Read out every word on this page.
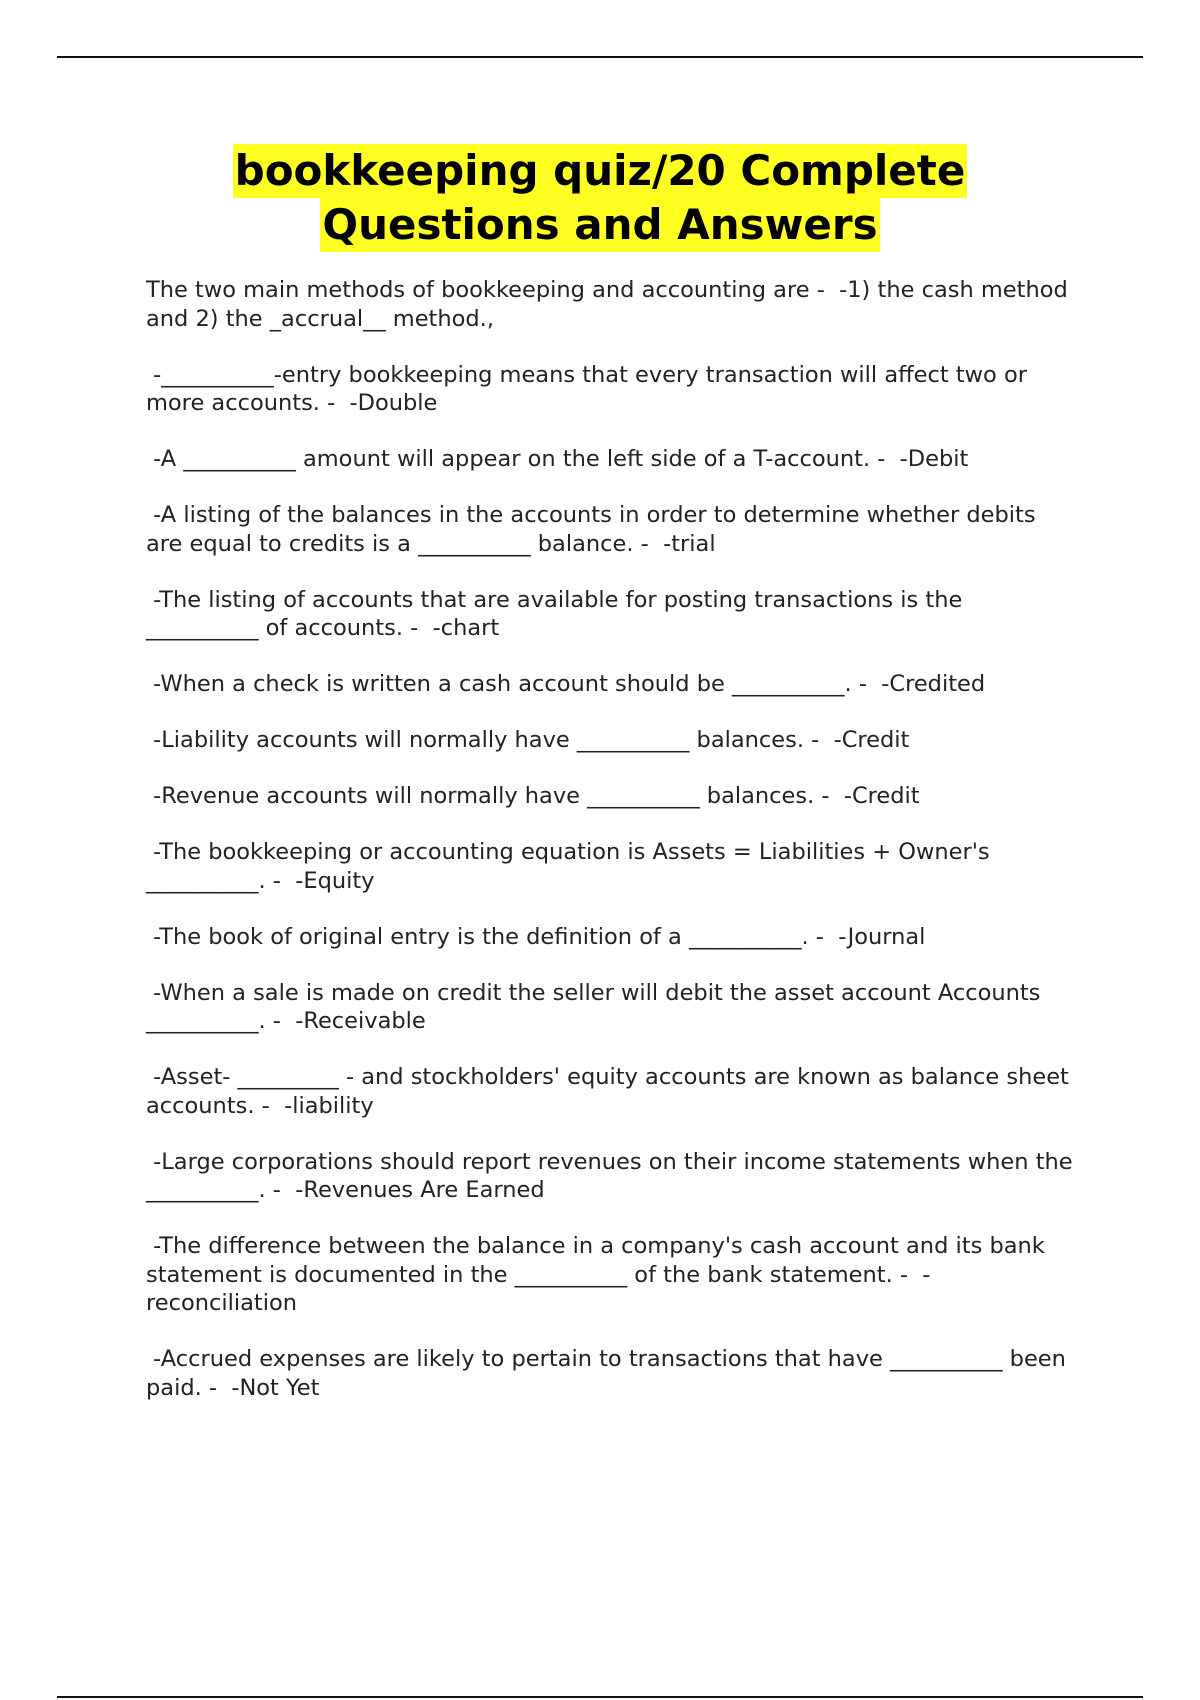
bookkeeping quiz/20 Complete
Questions and Answers
The two main methods of bookkeeping and accounting are -  -1) the cash method and 2) the _accrual__ method.,
-__________-entry bookkeeping means that every transaction will affect two or more accounts. -  -Double
-A __________ amount will appear on the left side of a T-account. -  -Debit
-A listing of the balances in the accounts in order to determine whether debits are equal to credits is a __________ balance. -  -trial
-The listing of accounts that are available for posting transactions is the __________ of accounts. -  -chart
-When a check is written a cash account should be __________. -  -Credited
-Liability accounts will normally have __________ balances. -  -Credit
-Revenue accounts will normally have __________ balances. -  -Credit
-The bookkeeping or accounting equation is Assets = Liabilities + Owner's __________. -  -Equity
-The book of original entry is the definition of a __________. -  -Journal
-When a sale is made on credit the seller will debit the asset account Accounts __________. -  -Receivable
-Asset- _________ - and stockholders' equity accounts are known as balance sheet accounts. -  -liability
-Large corporations should report revenues on their income statements when the __________. -  -Revenues Are Earned
-The difference between the balance in a company's cash account and its bank statement is documented in the __________ of the bank statement. -  -reconciliation
-Accrued expenses are likely to pertain to transactions that have __________ been paid. -  -Not Yet
